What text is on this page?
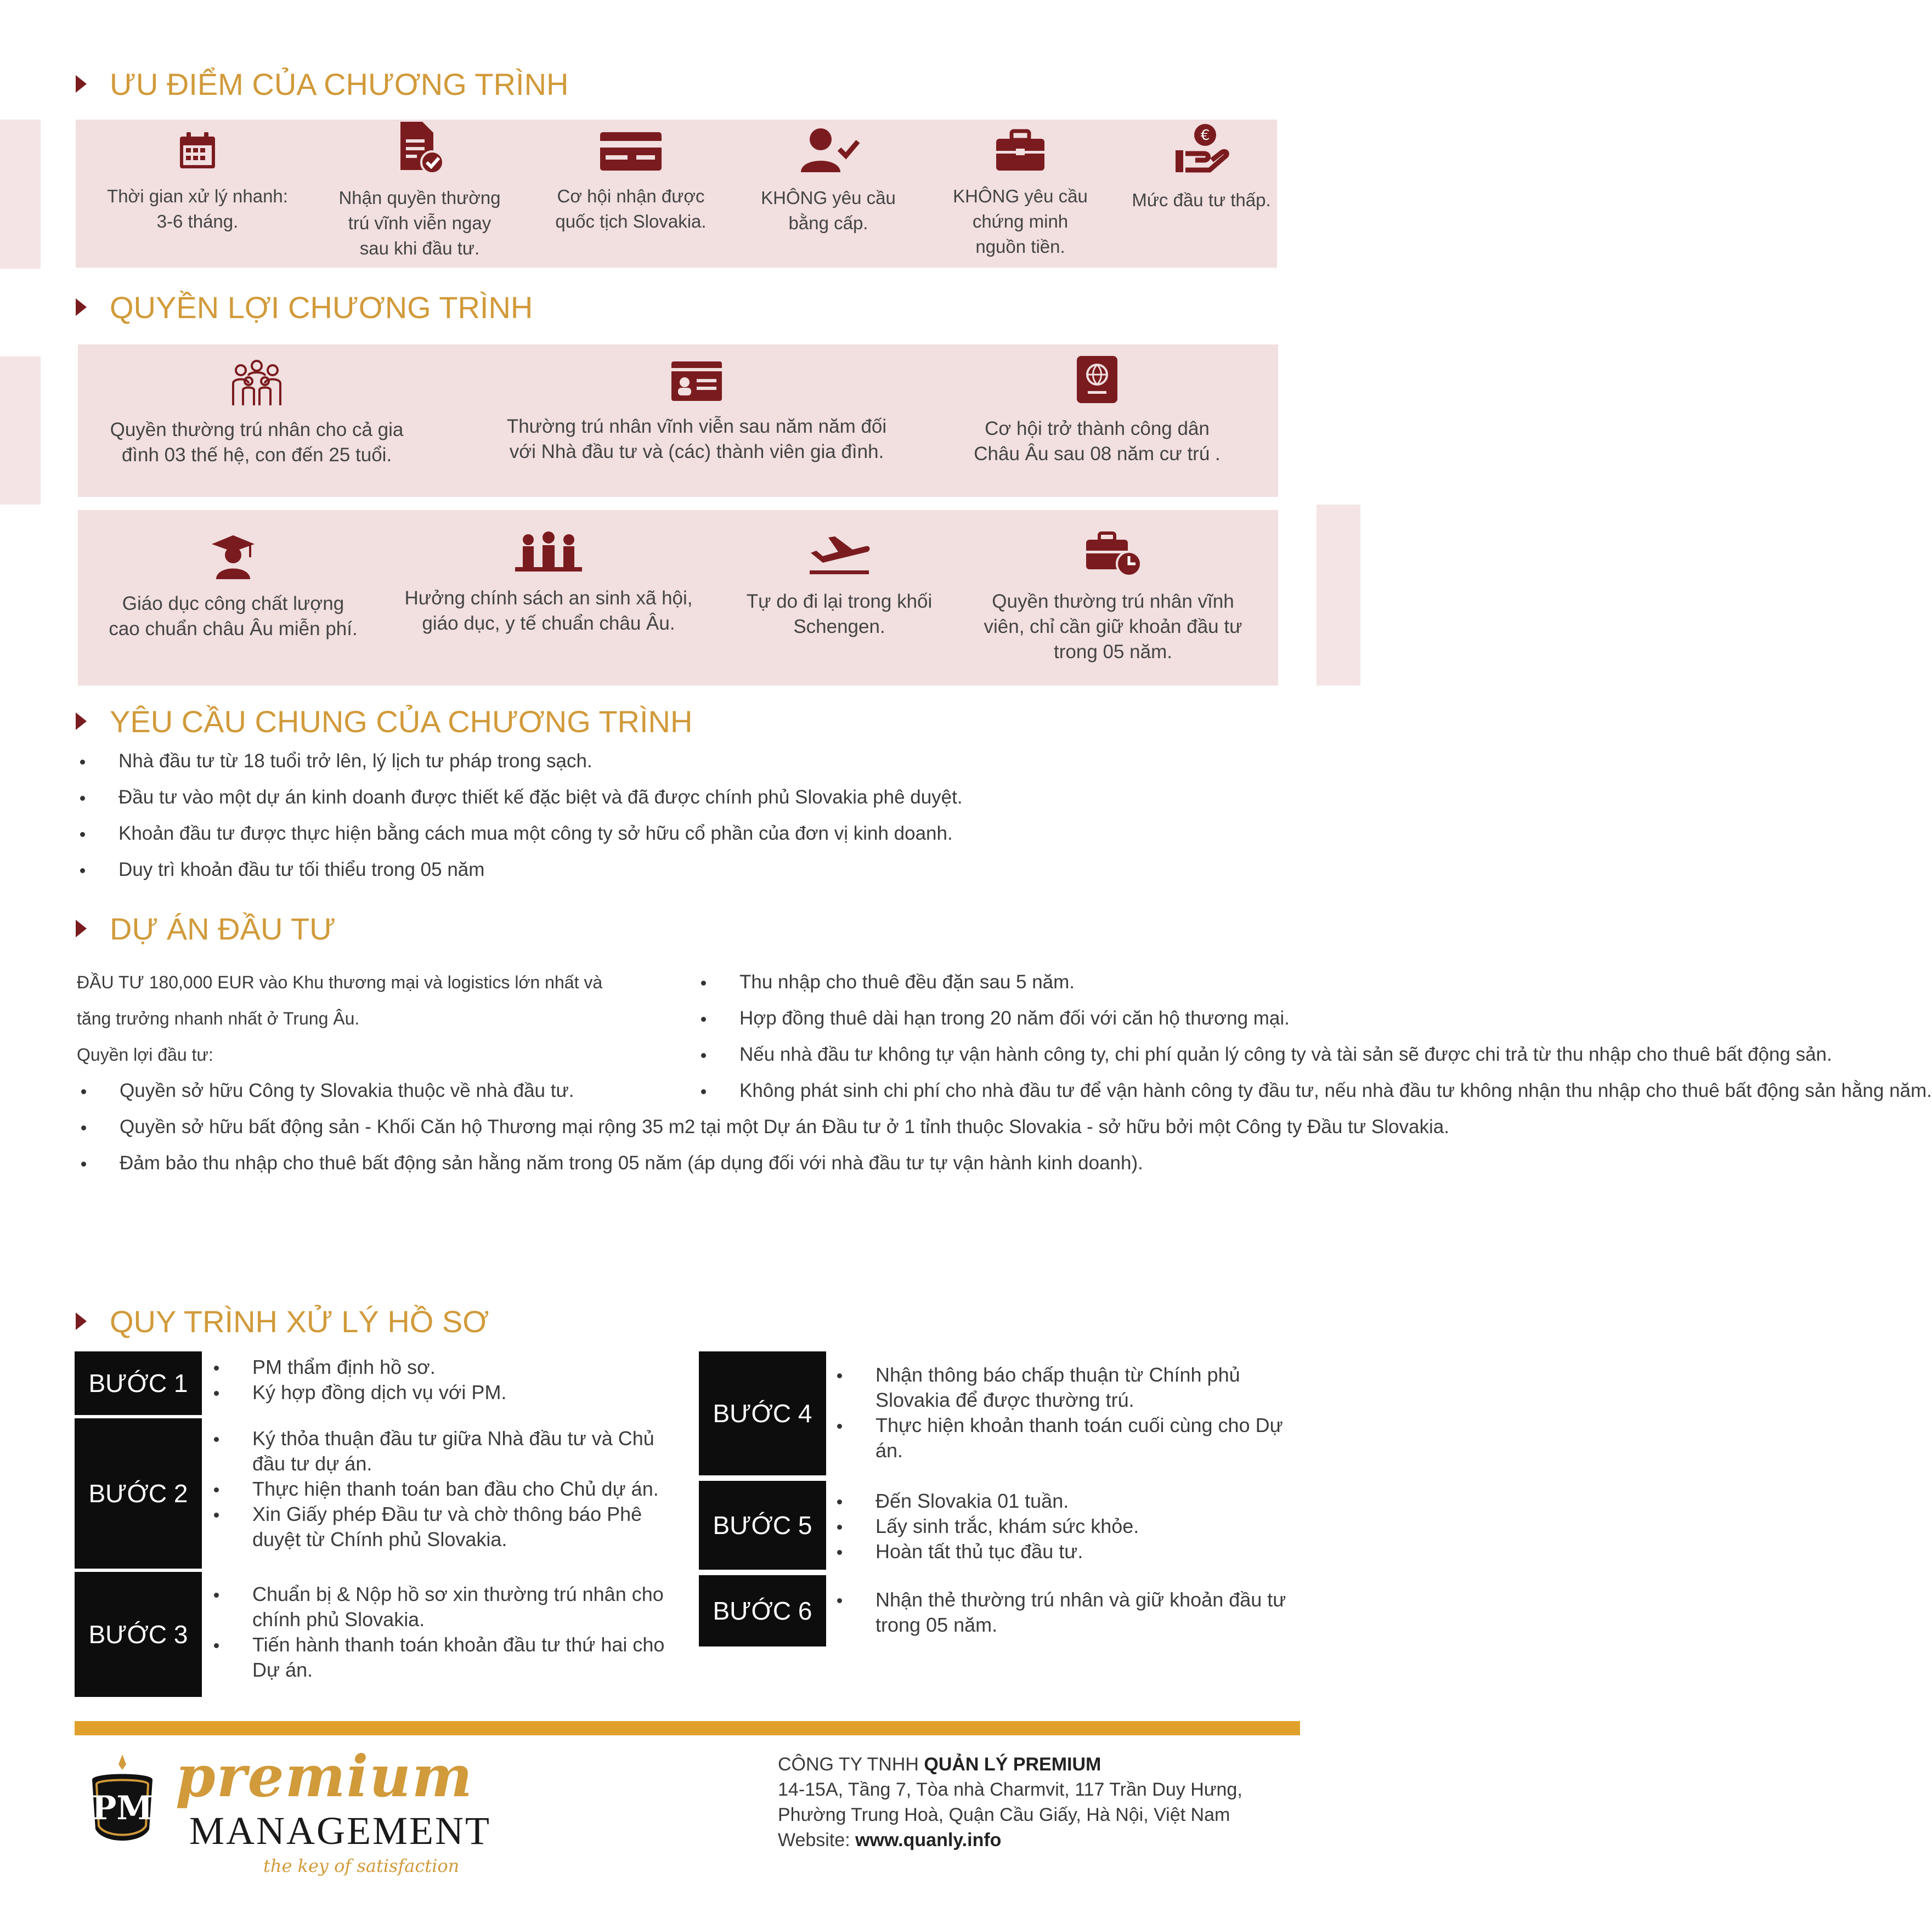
ƯU ĐIỂM CỦA CHƯƠNG TRÌNH
Thời gian xử lý nhanh:
3-6 tháng.
Nhận quyền thường
trú vĩnh viễn ngay
sau khi đầu tư.
Cơ hội nhận được
quốc tịch Slovakia.
KHÔNG yêu cầu
bằng cấp.
KHÔNG yêu cầu
chứng minh
nguồn tiền.
€
Mức đầu tư thấp.
QUYỀN LỢI CHƯƠNG TRÌNH
Quyền thường trú nhân cho cả gia
đình 03 thế hệ, con đến 25 tuổi.
Thường trú nhân vĩnh viễn sau năm năm đối
với Nhà đầu tư và (các) thành viên gia đình.
Cơ hội trở thành công dân
Châu Âu sau 08 năm cư trú .
Giáo dục công chất lượng
cao chuẩn châu Âu miễn phí.
Hưởng chính sách an sinh xã hội,
giáo dục, y tế chuẩn châu Âu.
Tự do đi lại trong khối
Schengen.
Quyền thường trú nhân vĩnh
viên, chỉ cần giữ khoản đầu tư
trong 05 năm.
YÊU CẦU CHUNG CỦA CHƯƠNG TRÌNH
Nhà đầu tư từ 18 tuổi trở lên, lý lịch tư pháp trong sạch.
Đầu tư vào một dự án kinh doanh được thiết kế đặc biệt và đã được chính phủ Slovakia phê duyệt.
Khoản đầu tư được thực hiện bằng cách mua một công ty sở hữu cổ phần của đơn vị kinh doanh.
Duy trì khoản đầu tư tối thiểu trong 05 năm
DỰ ÁN ĐẦU TƯ
ĐẦU TƯ 180,000 EUR vào Khu thương mại và logistics lớn nhất và
tăng trưởng nhanh nhất ở Trung Âu.
Quyền lợi đầu tư:
Quyền sở hữu Công ty Slovakia thuộc về nhà đầu tư.
Quyền sở hữu bất động sản - Khối Căn hộ Thương mại rộng 35 m2 tại một Dự án Đầu tư ở 1 tỉnh thuộc Slovakia - sở hữu bởi một Công ty Đầu tư Slovakia.
Đảm bảo thu nhập cho thuê bất động sản hằng năm trong 05 năm (áp dụng đối với nhà đầu tư tự vận hành kinh doanh).
Thu nhập cho thuê đều đặn sau 5 năm.
Hợp đồng thuê dài hạn trong 20 năm đối với căn hộ thương mại.
Nếu nhà đầu tư không tự vận hành công ty, chi phí quản lý công ty và tài sản sẽ được chi trả từ thu nhập cho thuê bất động sản.
Không phát sinh chi phí cho nhà đầu tư để vận hành công ty đầu tư, nếu nhà đầu tư không nhận thu nhập cho thuê bất động sản hằng năm.
QUY TRÌNH XỬ LÝ HỒ SƠ
BƯỚC 1
PM thẩm định hồ sơ.
Ký hợp đồng dịch vụ với PM.
BƯỚC 2
Ký thỏa thuận đầu tư giữa Nhà đầu tư và Chủ đầu tư dự án.
Thực hiện thanh toán ban đầu cho Chủ dự án.
Xin Giấy phép Đầu tư và chờ thông báo Phê duyệt từ Chính phủ Slovakia.
BƯỚC 3
Chuẩn bị & Nộp hồ sơ xin thường trú nhân cho chính phủ Slovakia.
Tiến hành thanh toán khoản đầu tư thứ hai cho Dự án.
BƯỚC 4
Nhận thông báo chấp thuận từ Chính phủ Slovakia để được thường trú.
Thực hiện khoản thanh toán cuối cùng cho Dự án.
BƯỚC 5
Đến Slovakia 01 tuần.
Lấy sinh trắc, khám sức khỏe.
Hoàn tất thủ tục đầu tư.
BƯỚC 6	Nhận thẻ thường trú nhân và giữ khoản đầu tư trong 05 năm.
PM premium
MANAGEMENT
the key of satisfaction
CÔNG TY TNHH QUẢN LÝ PREMIUM
14-15A, Tầng 7, Tòa nhà Charmvit, 117 Trần Duy Hưng,
Phường Trung Hoà, Quận Cầu Giấy, Hà Nội, Việt Nam
Website: www.quanly.info
